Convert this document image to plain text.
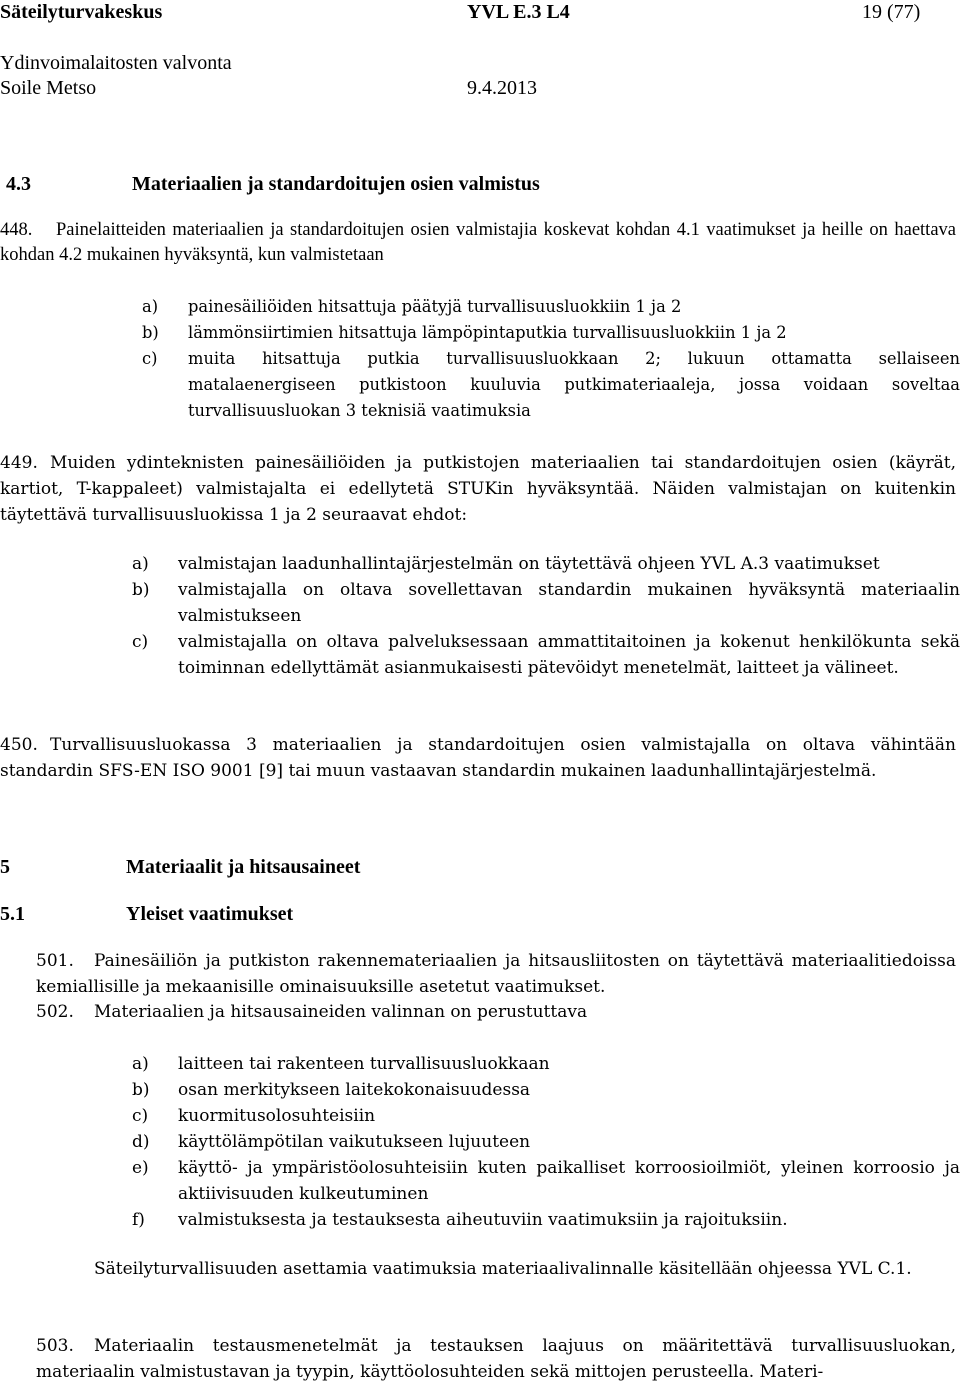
Säteilyturvakeskus	YVL E.3 L4	19 (77)
Ydinvoimalaitosten valvonta
Soile Metso	9.4.2013
4.3	Materiaalien ja standardoitujen osien valmistus
448. Painelaitteiden materiaalien ja standardoitujen osien valmistajia koskevat kohdan 4.1 vaatimukset ja heille on haettava kohdan 4.2 mukainen hyväksyntä, kun valmistetaan
a) painesäiliöiden hitsattuja päätyjä turvallisuusluokkiin 1 ja 2
b) lämmönsiirtimien hitsattuja lämpöpintaputkia turvallisuusluokkiin 1 ja 2
c) muita hitsattuja putkia turvallisuusluokkaan 2; lukuun ottamatta sellaiseen matalaenergiseen putkistoon kuuluvia putkimateriaaleja, jossa voidaan soveltaa turvallisuusluokan 3 teknisiä vaatimuksia
449. Muiden ydinteknisten painesäiliöiden ja putkistojen materiaalien tai standardoitujen osien (käyrät, kartiot, T-kappaleet) valmistajalta ei edellytetä STUKin hyväksyntää. Näiden valmistajan on kuitenkin täytettävä turvallisuusluokissa 1 ja 2 seuraavat ehdot:
a) valmistajan laadunhallintajärjestelmän on täytettävä ohjeen YVL A.3 vaatimukset
b) valmistajalla on oltava sovellettavan standardin mukainen hyväksyntä materiaalin valmistukseen
c) valmistajalla on oltava palveluksessaan ammattitaitoinen ja kokenut henkilökunta sekä toiminnan edellyttämät asianmukaisesti pätevöidyt menetelmät, laitteet ja välineet.
450. Turvallisuusluokassa 3 materiaalien ja standardoitujen osien valmistajalla on oltava vähintään standardin SFS-EN ISO 9001 [9] tai muun vastaavan standardin mukainen laadunhallintajärjestelmä.
5	Materiaalit ja hitsausaineet
5.1	Yleiset vaatimukset
501. Painesäiliön ja putkiston rakennemateriaalien ja hitsausliitosten on täytettävä materiaalitiedoissa kemiallisille ja mekaanisille ominaisuuksille asetetut vaatimukset.
502. Materiaalien ja hitsausaineiden valinnan on perustuttava
a) laitteen tai rakenteen turvallisuusluokkaan
b) osan merkitykseen laitekokonaisuudessa
c) kuormitusolosuhteisiin
d) käyttölämpötilan vaikutukseen lujuuteen
e) käyttö- ja ympäristöolosuhteisiin kuten paikalliset korroosioilmiöt, yleinen korroosio ja aktiivisuuden kulkeutuminen
f) valmistuksesta ja testauksesta aiheutuviin vaatimuksiin ja rajoituksiin.
Säteilyturvallisuuden asettamia vaatimuksia materiaalivalinnalle käsitellään ohjeessa YVL C.1.
503. Materiaalin testausmenetelmät ja testauksen laajuus on määritettävä turvallisuusluokan, materiaalin valmistustavan ja tyypin, käyttöolosuhteiden sekä mittojen perusteella. Materi-
